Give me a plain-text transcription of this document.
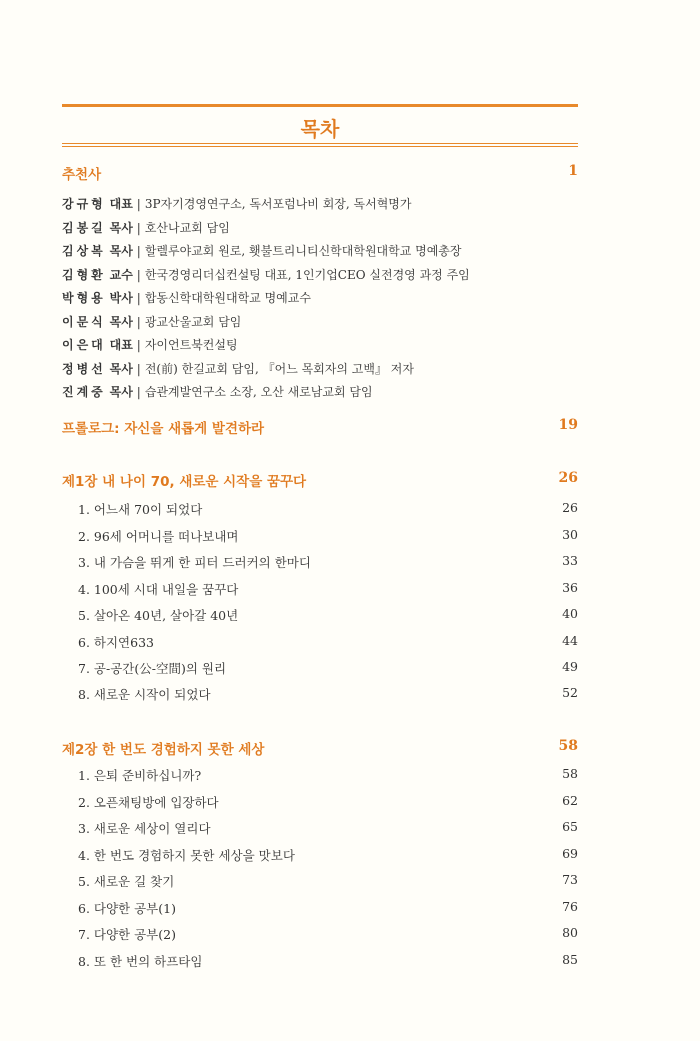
목차
추천사	1
강규형 대표 | 3P자기경영연구소, 독서포럼나비 회장, 독서혁명가
김봉길 목사 | 호산나교회 담임
김상복 목사 | 할렐루야교회 원로, 횃불트리니티신학대학원대학교 명예총장
김형환 교수 | 한국경영리더십컨설팅 대표, 1인기업CEO 실전경영 과정 주임
박형용 박사 | 합동신학대학원대학교 명예교수
이문식 목사 | 광교산울교회 담임
이은대 대표 | 자이언트북컨설팅
정병선 목사 | 전(前) 한길교회 담임, 『어느 목회자의 고백』 저자
진계중 목사 | 습관계발연구소 소장, 오산 새로남교회 담임
프롤로그: 자신을 새롭게 발견하라	19
제1장 내 나이 70, 새로운 시작을 꿈꾸다	26
1. 어느새 70이 되었다	26
2. 96세 어머니를 떠나보내며	30
3. 내 가슴을 뛰게 한 피터 드러커의 한마디	33
4. 100세 시대 내일을 꿈꾸다	36
5. 살아온 40년, 살아갈 40년	40
6. 하지연633	44
7. 공-공간(公-空間)의 원리	49
8. 새로운 시작이 되었다	52
제2장 한 번도 경험하지 못한 세상	58
1. 은퇴 준비하십니까?	58
2. 오픈채팅방에 입장하다	62
3. 새로운 세상이 열리다	65
4. 한 번도 경험하지 못한 세상을 맛보다	69
5. 새로운 길 찾기	73
6. 다양한 공부(1)	76
7. 다양한 공부(2)	80
8. 또 한 번의 하프타임	85
